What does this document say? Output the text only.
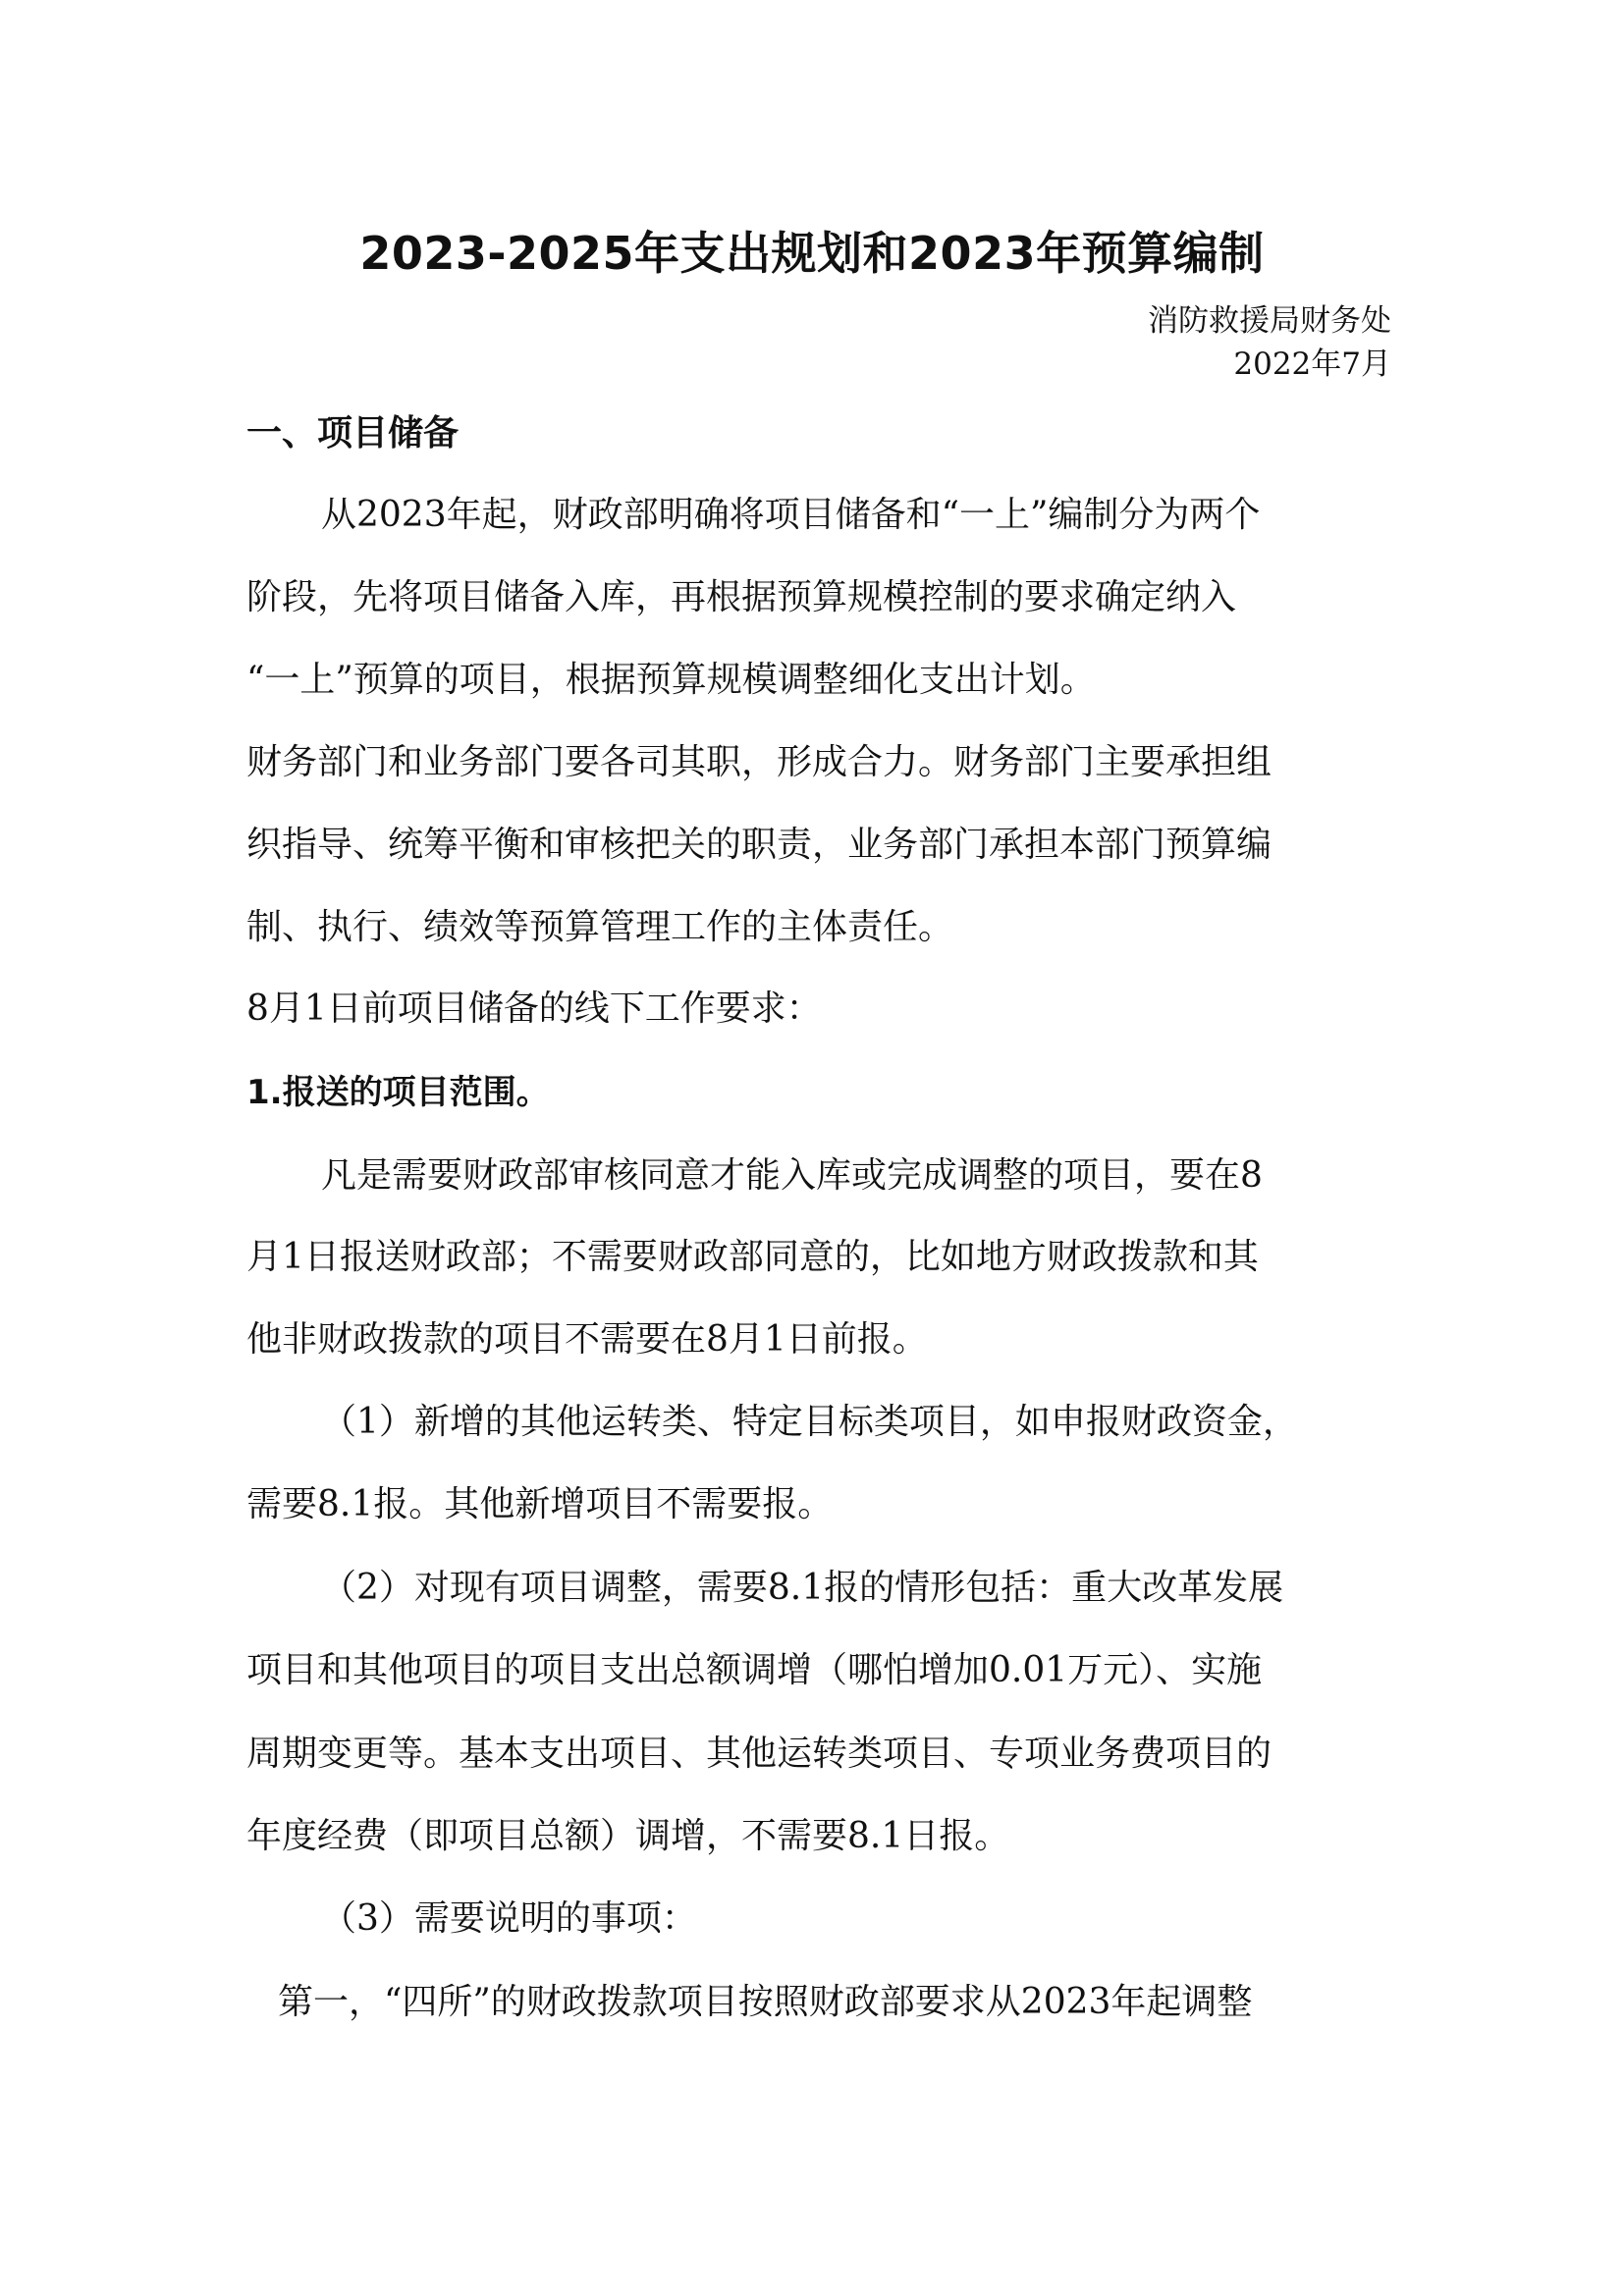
2023-2025年支出规划和2023年预算编制
消防救援局财务处
2022年7月
一、项目储备
从2023年起，财政部明确将项目储备和“一上”编制分为两个
阶段，先将项目储备入库，再根据预算规模控制的要求确定纳入
“一上”预算的项目，根据预算规模调整细化支出计划。
财务部门和业务部门要各司其职，形成合力。财务部门主要承担组
织指导、统筹平衡和审核把关的职责，业务部门承担本部门预算编
制、执行、绩效等预算管理工作的主体责任。
8月1日前项目储备的线下工作要求：
1.报送的项目范围。
凡是需要财政部审核同意才能入库或完成调整的项目，要在8
月1日报送财政部；不需要财政部同意的，比如地方财政拨款和其
他非财政拨款的项目不需要在8月1日前报。
（1）新增的其他运转类、特定目标类项目，如申报财政资金，
需要8.1报。其他新增项目不需要报。
（2）对现有项目调整，需要8.1报的情形包括：重大改革发展
项目和其他项目的项目支出总额调增（哪怕增加0.01万元）、实施
周期变更等。基本支出项目、其他运转类项目、专项业务费项目的
年度经费（即项目总额）调增，不需要8.1日报。
（3）需要说明的事项：
第一，“四所”的财政拨款项目按照财政部要求从2023年起调整
